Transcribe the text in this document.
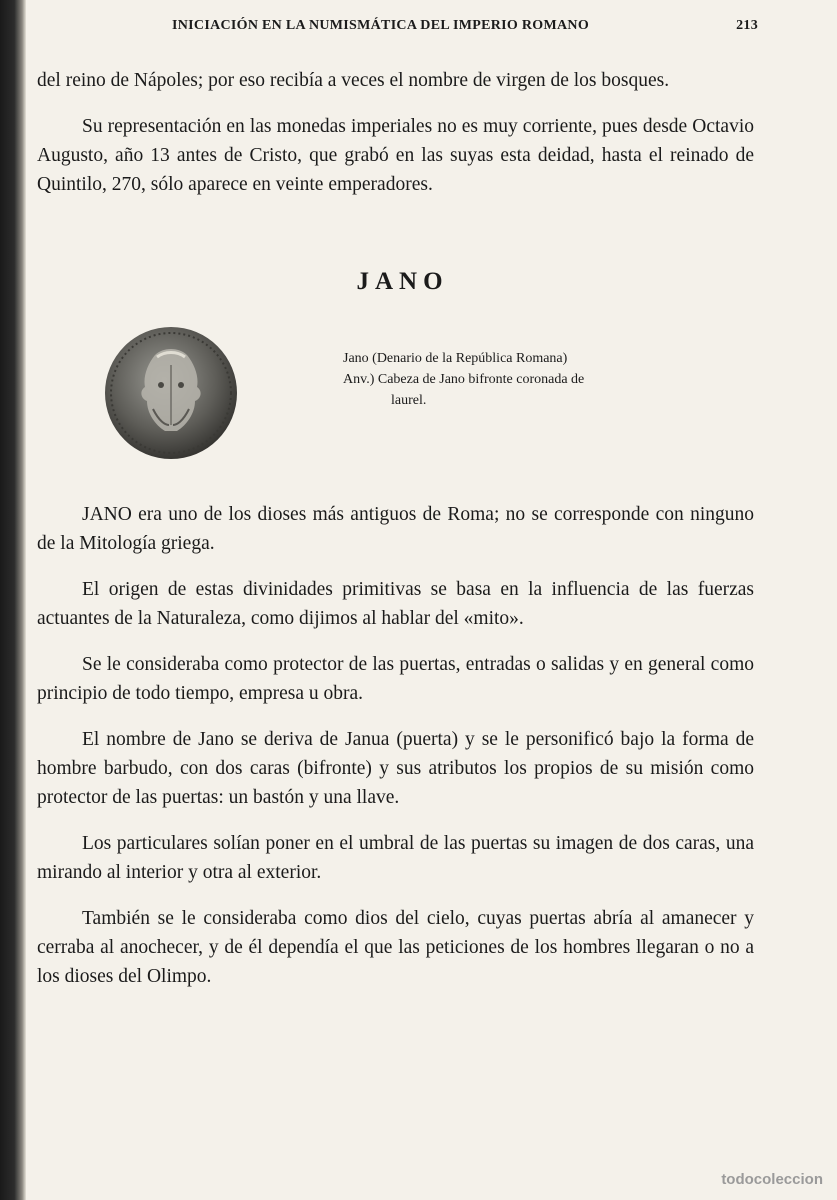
INICIACIÓN EN LA NUMISMÁTICA DEL IMPERIO ROMANO	213

del reino de Nápoles; por eso recibía a veces el nombre de virgen de los bosques.

Su representación en las monedas imperiales no es muy corriente, pues desde Octavio Augusto, año 13 antes de Cristo, que grabó en las suyas esta deidad, hasta el reinado de Quintilo, 270, sólo aparece en veinte emperadores.

JANO
Jano (Denario de la República Romana)
Anv.) Cabeza de Jano bifronte coronada de
laurel.

JANO era uno de los dioses más antiguos de Roma; no se corresponde con ninguno de la Mitología griega.

El origen de estas divinidades primitivas se basa en la influencia de las fuerzas actuantes de la Naturaleza, como dijimos al hablar del «mito».

Se le consideraba como protector de las puertas, entradas o salidas y en general como principio de todo tiempo, empresa u obra.

El nombre de Jano se deriva de Janua (puerta) y se le personificó bajo la forma de hombre barbudo, con dos caras (bifronte) y sus atributos los propios de su misión como protector de las puertas: un bastón y una llave.

Los particulares solían poner en el umbral de las puertas su imagen de dos caras, una mirando al interior y otra al exterior.

También se le consideraba como dios del cielo, cuyas puertas abría al amanecer y cerraba al anochecer, y de él dependía el que las peticiones de los hombres llegaran o no a los dioses del Olimpo.

todocoleccion
